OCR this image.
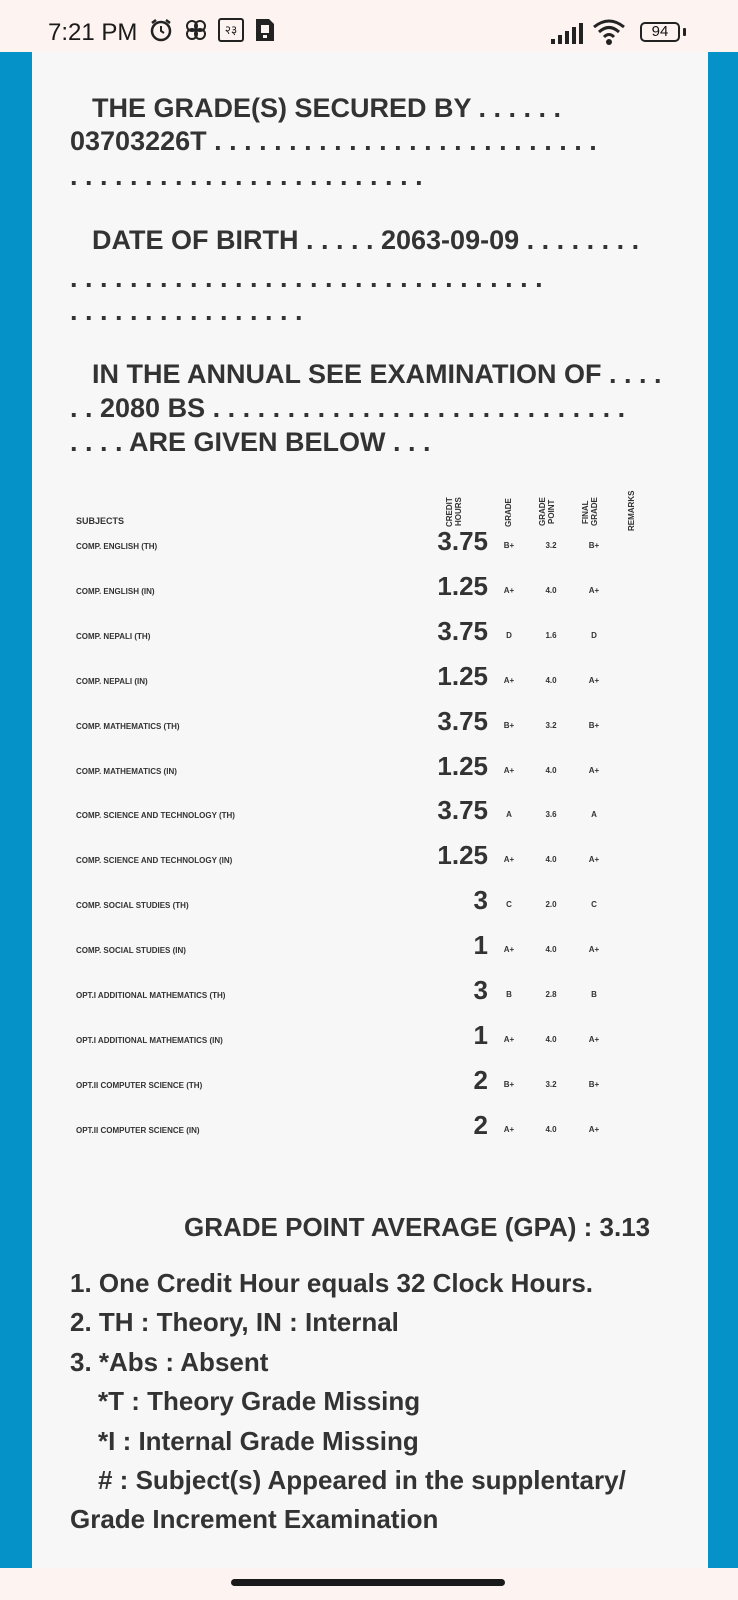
7:21 PM	२३	94
THE GRADE(S) SECURED BY . . . . . .
03703226T . . . . . . . . . . . . . . . . . . . . . . . . . .
. . . . . . . . . . . . . . . . . . . . . . . .
DATE OF BIRTH . . . . . 2063-09-09 . . . . . . . .
. . . . . . . . . . . . . . . . . . . . . . . . . . . . . . . .
. . . . . . . . . . . . . . . .
IN THE ANNUAL SEE EXAMINATION OF . . . .
. . 2080 BS . . . . . . . . . . . . . . . . . . . . . . . . . . . .
. . . . ARE GIVEN BELOW . . .
SUBJECTS	CREDIT HOURS	GRADE	GRADE POINT	FINAL GRADE	REMARKS
COMP. ENGLISH (TH)	3.75	B+	3.2	B+
COMP. ENGLISH (IN)	1.25	A+	4.0	A+
COMP. NEPALI (TH)	3.75	D	1.6	D
COMP. NEPALI (IN)	1.25	A+	4.0	A+
COMP. MATHEMATICS (TH)	3.75	B+	3.2	B+
COMP. MATHEMATICS (IN)	1.25	A+	4.0	A+
COMP. SCIENCE AND TECHNOLOGY (TH)	3.75	A	3.6	A
COMP. SCIENCE AND TECHNOLOGY (IN)	1.25	A+	4.0	A+
COMP. SOCIAL STUDIES (TH)	3	C	2.0	C
COMP. SOCIAL STUDIES (IN)	1	A+	4.0	A+
OPT.I ADDITIONAL MATHEMATICS (TH)	3	B	2.8	B
OPT.I ADDITIONAL MATHEMATICS (IN)	1	A+	4.0	A+
OPT.II COMPUTER SCIENCE (TH)	2	B+	3.2	B+
OPT.II COMPUTER SCIENCE (IN)	2	A+	4.0	A+
GRADE POINT AVERAGE (GPA) : 3.13
1. One Credit Hour equals 32 Clock Hours.
2. TH : Theory, IN : Internal
3. *Abs : Absent
*T : Theory Grade Missing
*I : Internal Grade Missing
# : Subject(s) Appeared in the supplentary/
Grade Increment Examination
